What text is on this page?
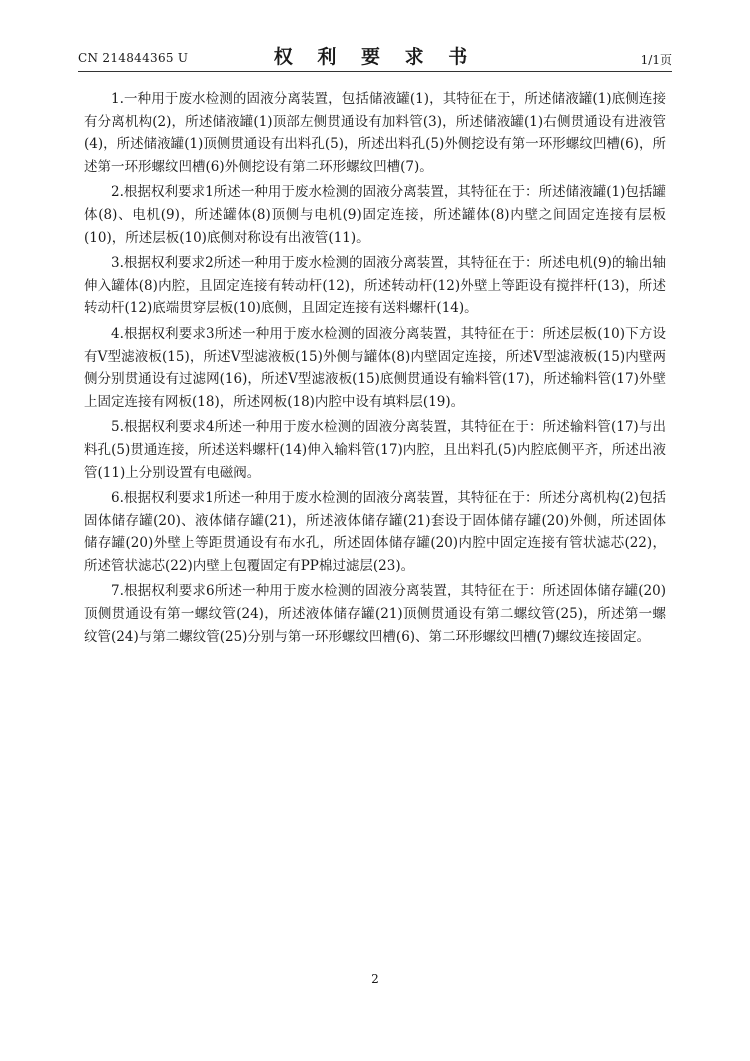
CN 214844365 U	权 利 要 求 书	1/1页

1.一种用于废水检测的固液分离装置，包括储液罐(1)，其特征在于，所述储液罐(1)底侧连接有分离机构(2)，所述储液罐(1)顶部左侧贯通设有加料管(3)，所述储液罐(1)右侧贯通设有进液管(4)，所述储液罐(1)顶侧贯通设有出料孔(5)，所述出料孔(5)外侧挖设有第一环形螺纹凹槽(6)，所述第一环形螺纹凹槽(6)外侧挖设有第二环形螺纹凹槽(7)。

2.根据权利要求1所述一种用于废水检测的固液分离装置，其特征在于：所述储液罐(1)包括罐体(8)、电机(9)，所述罐体(8)顶侧与电机(9)固定连接，所述罐体(8)内壁之间固定连接有层板(10)，所述层板(10)底侧对称设有出液管(11)。

3.根据权利要求2所述一种用于废水检测的固液分离装置，其特征在于：所述电机(9)的输出轴伸入罐体(8)内腔，且固定连接有转动杆(12)，所述转动杆(12)外壁上等距设有搅拌杆(13)，所述转动杆(12)底端贯穿层板(10)底侧，且固定连接有送料螺杆(14)。

4.根据权利要求3所述一种用于废水检测的固液分离装置，其特征在于：所述层板(10)下方设有V型滤液板(15)，所述V型滤液板(15)外侧与罐体(8)内壁固定连接，所述V型滤液板(15)内壁两侧分别贯通设有过滤网(16)，所述V型滤液板(15)底侧贯通设有输料管(17)，所述输料管(17)外壁上固定连接有网板(18)，所述网板(18)内腔中设有填料层(19)。

5.根据权利要求4所述一种用于废水检测的固液分离装置，其特征在于：所述输料管(17)与出料孔(5)贯通连接，所述送料螺杆(14)伸入输料管(17)内腔，且出料孔(5)内腔底侧平齐，所述出液管(11)上分别设置有电磁阀。

6.根据权利要求1所述一种用于废水检测的固液分离装置，其特征在于：所述分离机构(2)包括固体储存罐(20)、液体储存罐(21)，所述液体储存罐(21)套设于固体储存罐(20)外侧，所述固体储存罐(20)外壁上等距贯通设有布水孔，所述固体储存罐(20)内腔中固定连接有管状滤芯(22)，所述管状滤芯(22)内壁上包覆固定有PP棉过滤层(23)。

7.根据权利要求6所述一种用于废水检测的固液分离装置，其特征在于：所述固体储存罐(20)顶侧贯通设有第一螺纹管(24)，所述液体储存罐(21)顶侧贯通设有第二螺纹管(25)，所述第一螺纹管(24)与第二螺纹管(25)分别与第一环形螺纹凹槽(6)、第二环形螺纹凹槽(7)螺纹连接固定。

2
